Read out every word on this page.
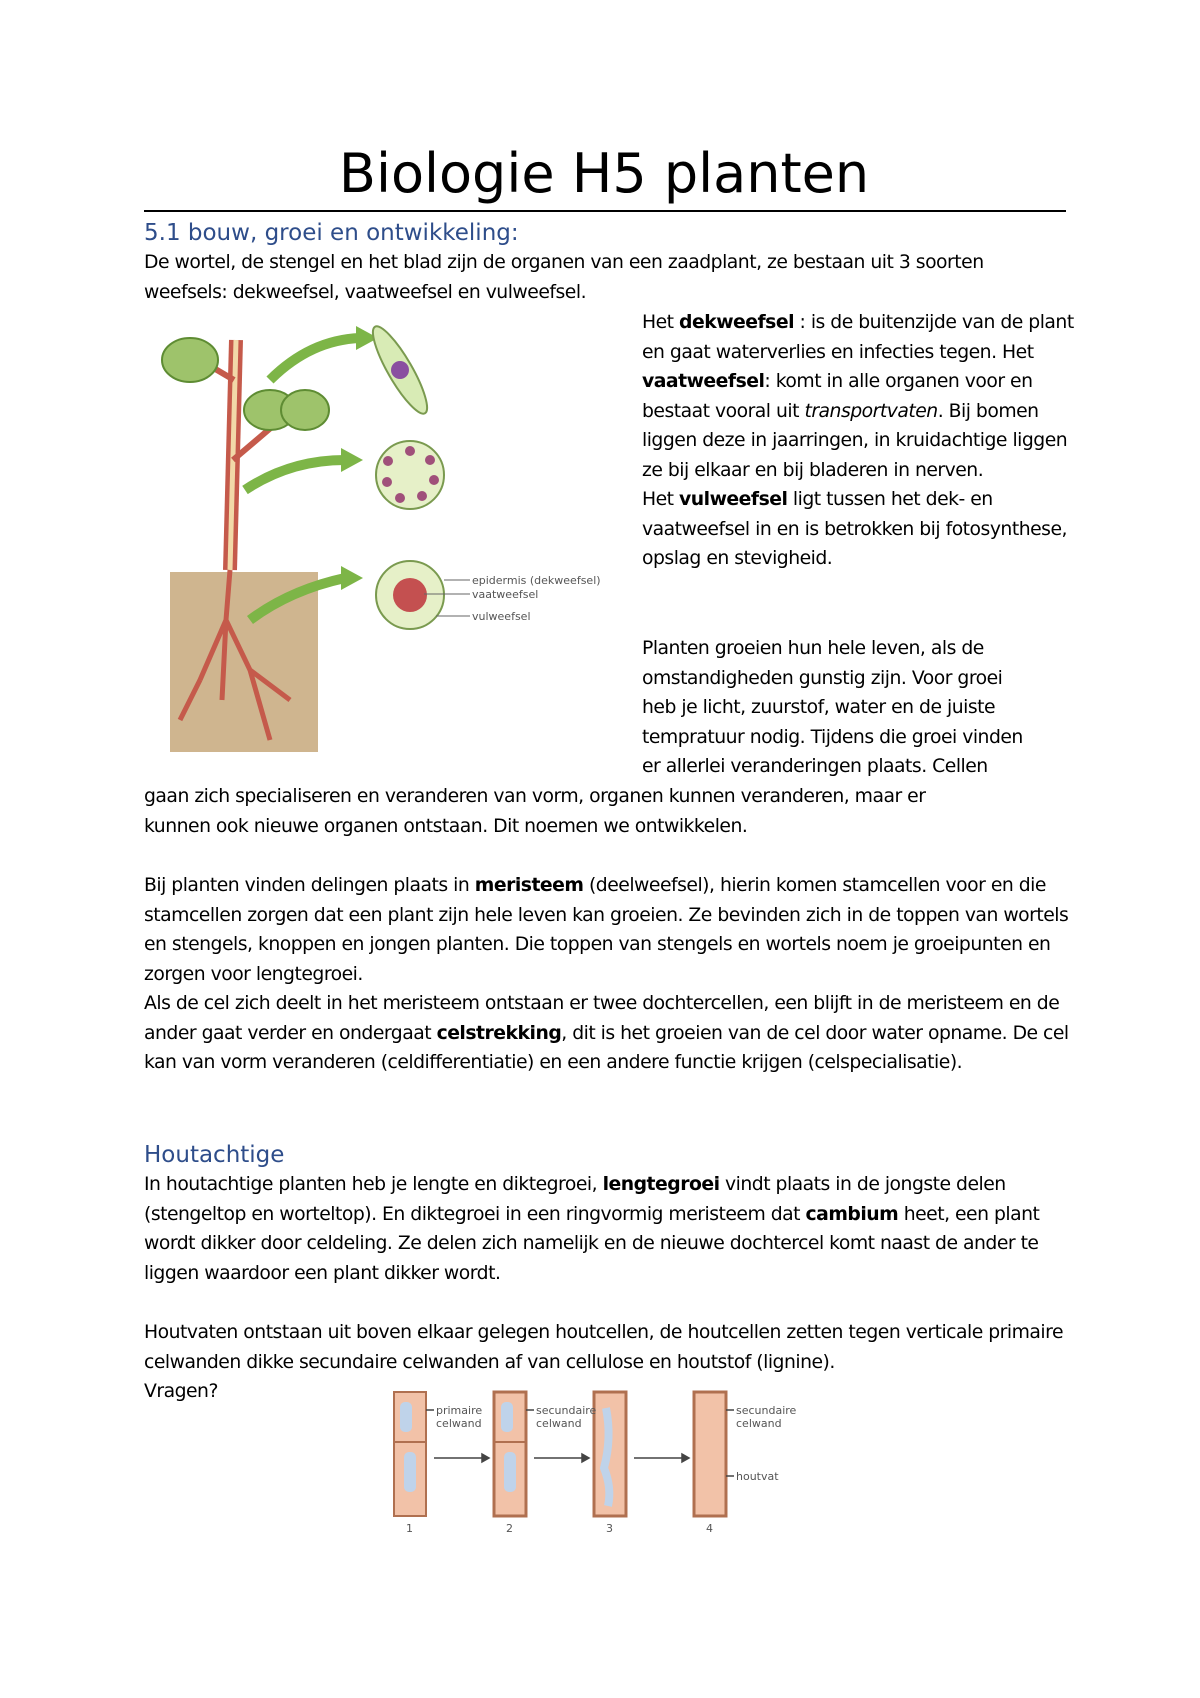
Biologie H5 planten
5.1 bouw, groei en ontwikkeling:
De wortel, de stengel en het blad zijn de organen van een zaadplant, ze bestaan uit 3 soorten
weefsels: dekweefsel, vaatweefsel en vulweefsel.
epidermis (dekweefsel)
vaatweefsel
vulweefsel
Het dekweefsel : is de buitenzijde van de plant en gaat waterverlies en infecties tegen. Het vaatweefsel: komt in alle organen voor en bestaat vooral uit transportvaten. Bij bomen liggen deze in jaarringen, in kruidachtige liggen ze bij elkaar en bij bladeren in nerven.
Het vulweefsel ligt tussen het dek- en vaatweefsel in en is betrokken bij fotosynthese, opslag en stevigheid.
Planten groeien hun hele leven, als de
omstandigheden gunstig zijn. Voor groei
heb je licht, zuurstof, water en de juiste
tempratuur nodig. Tijdens die groei vinden
er allerlei veranderingen plaats. Cellen
gaan zich specialiseren en veranderen van vorm, organen kunnen veranderen, maar er
kunnen ook nieuwe organen ontstaan. Dit noemen we ontwikkelen.
Bij planten vinden delingen plaats in meristeem (deelweefsel), hierin komen stamcellen voor en die stamcellen zorgen dat een plant zijn hele leven kan groeien. Ze bevinden zich in de toppen van wortels en stengels, knoppen en jongen planten. Die toppen van stengels en wortels noem je groeipunten en zorgen voor lengtegroei.
Als de cel zich deelt in het meristeem ontstaan er twee dochtercellen, een blijft in de meristeem en de ander gaat verder en ondergaat celstrekking, dit is het groeien van de cel door water opname. De cel kan van vorm veranderen (celdifferentiatie) en een andere functie krijgen (celspecialisatie).
Houtachtige
In houtachtige planten heb je lengte en diktegroei, lengtegroei vindt plaats in de jongste delen (stengeltop en worteltop). En diktegroei in een ringvormig meristeem dat cambium heet, een plant wordt dikker door celdeling. Ze delen zich namelijk en de nieuwe dochtercel komt naast de ander te liggen waardoor een plant dikker wordt.
Houtvaten ontstaan uit boven elkaar gelegen houtcellen, de houtcellen zetten tegen verticale primaire celwanden dikke secundaire celwanden af van cellulose en houtstof (lignine).
Vragen?
primaire
celwand
secundaire
celwand
secundaire
celwand
houtvat
1	2	3	4
